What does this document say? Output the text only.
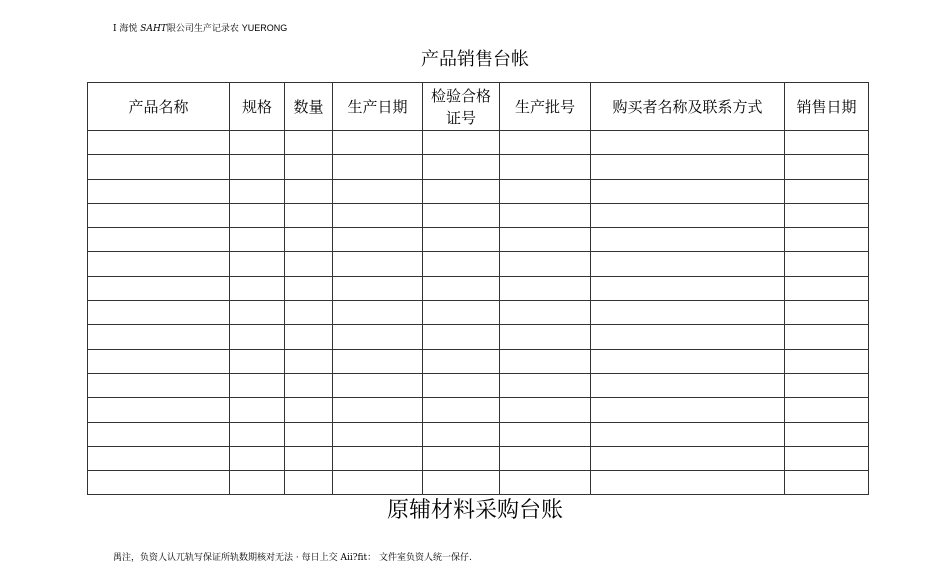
I 海悦 SAHT限公司生产记录农 YUERONG
产品销售台帐
产品名称	规格	数量	生产日期	检验合格证号	生产批号	购买者名称及联系方式	销售日期

原辅材料采购台账
禺注，负资人认兀轨写保证所轨数期核对无法 · 每日上交 Aii?fit： 文件室负资人统一保仔.
